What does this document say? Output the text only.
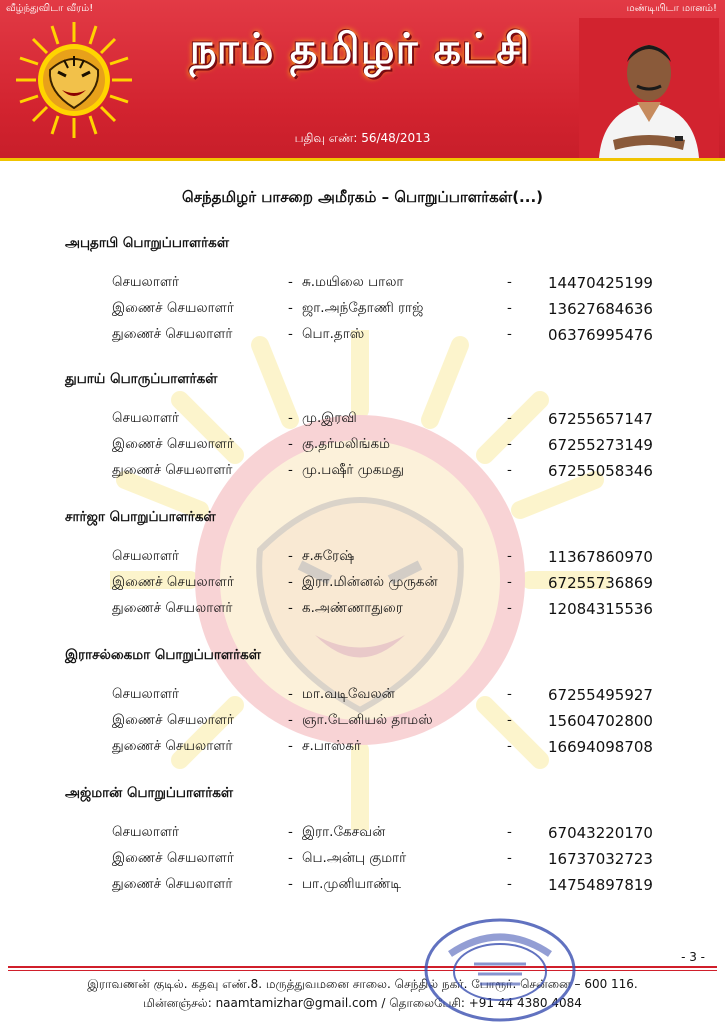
வீழ்ந்துவிடா வீரம்!	மண்டியிடா மானம்!
நாம் தமிழர் கட்சி
பதிவு எண்: 56/48/2013
செந்தமிழர் பாசறை அமீரகம் – பொறுப்பாளர்கள்(...)
அபுதாபி பொறுப்பாளர்கள்
செயலாளர்	- சு.மயிலை பாலா	- 14470425199
இணைச் செயலாளர்	- ஜா.அந்தோணி ராஜ்	- 13627684636
துணைச் செயலாளர்	- பொ.தாஸ்	- 06376995476
துபாய் பொருப்பாளர்கள்
செயலாளர்	- மு.இரவி	- 67255657147
இணைச் செயலாளர்	- கு.தர்மலிங்கம்	- 67255273149
துணைச் செயலாளர்	- மு.பஷீர் முகமது	- 67255058346
சார்ஜா பொறுப்பாளர்கள்
செயலாளர்	- ச.சுரேஷ்	- 11367860970
இணைச் செயலாளர்	- இரா.மின்னல் முருகன்	- 67255736869
துணைச் செயலாளர்	- க.அண்ணாதுரை	- 12084315536
இராசல்கைமா பொறுப்பாளர்கள்
செயலாளர்	- மா.வடிவேலன்	- 67255495927
இணைச் செயலாளர்	- ஞா.டேனியல் தாமஸ்	- 15604702800
துணைச் செயலாளர்	- ச.பாஸ்கர்	- 16694098708
அஜ்மான் பொறுப்பாளர்கள்
செயலாளர்	- இரா.கேசவன்	- 67043220170
இணைச் செயலாளர்	- பெ.அன்பு குமார்	- 16737032723
துணைச் செயலாளர்	- பா.முனியாண்டி	- 14754897819
- 3 -
இராவணன் குடில். கதவு எண்.8. மருத்துவமனை சாலை. செந்தில் நகர். போரூர். சென்னை – 600 116.
மின்னஞ்சல்: naamtamizhar@gmail.com / தொலைபேசி: +91 44 4380 4084
